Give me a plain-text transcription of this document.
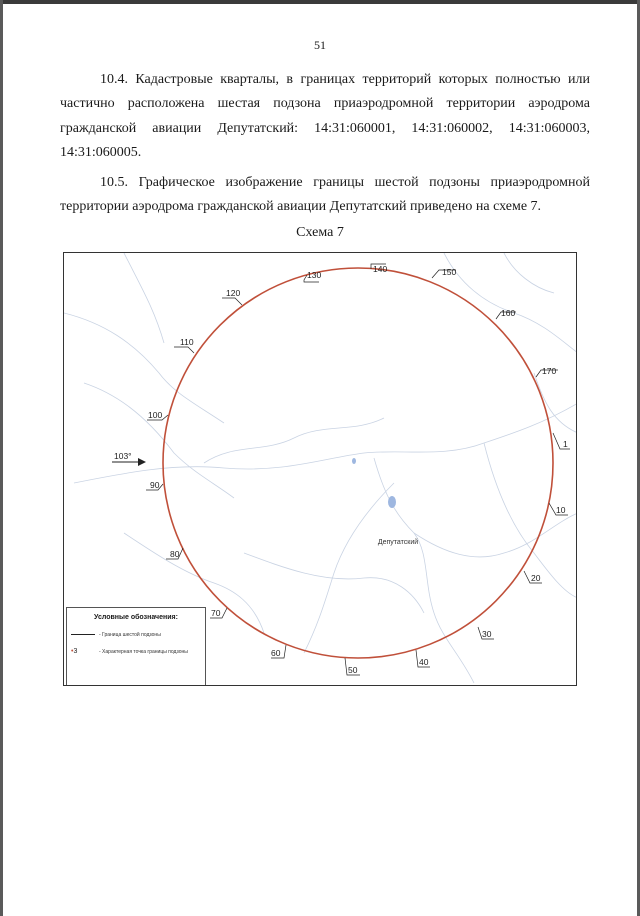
51

10.4. Кадастровые кварталы, в границах территорий которых полностью или частично расположена шестая подзона приаэродромной территории аэродрома гражданской авиации Депутатский: 14:31:060001, 14:31:060002, 14:31:060003, 14:31:060005.

10.5. Графическое изображение границы шестой подзоны приаэродромной территории аэродрома гражданской авиации Депутатский приведено на схеме 7.

Схема 7
Депутатский
103°
1
10
20
30
40
50
60
70
80
90
100
110
120
130
140	150
160
170
Условные обозначения:
- Граница шестой подзоны
•3	- Характерная точка границы подзоны
